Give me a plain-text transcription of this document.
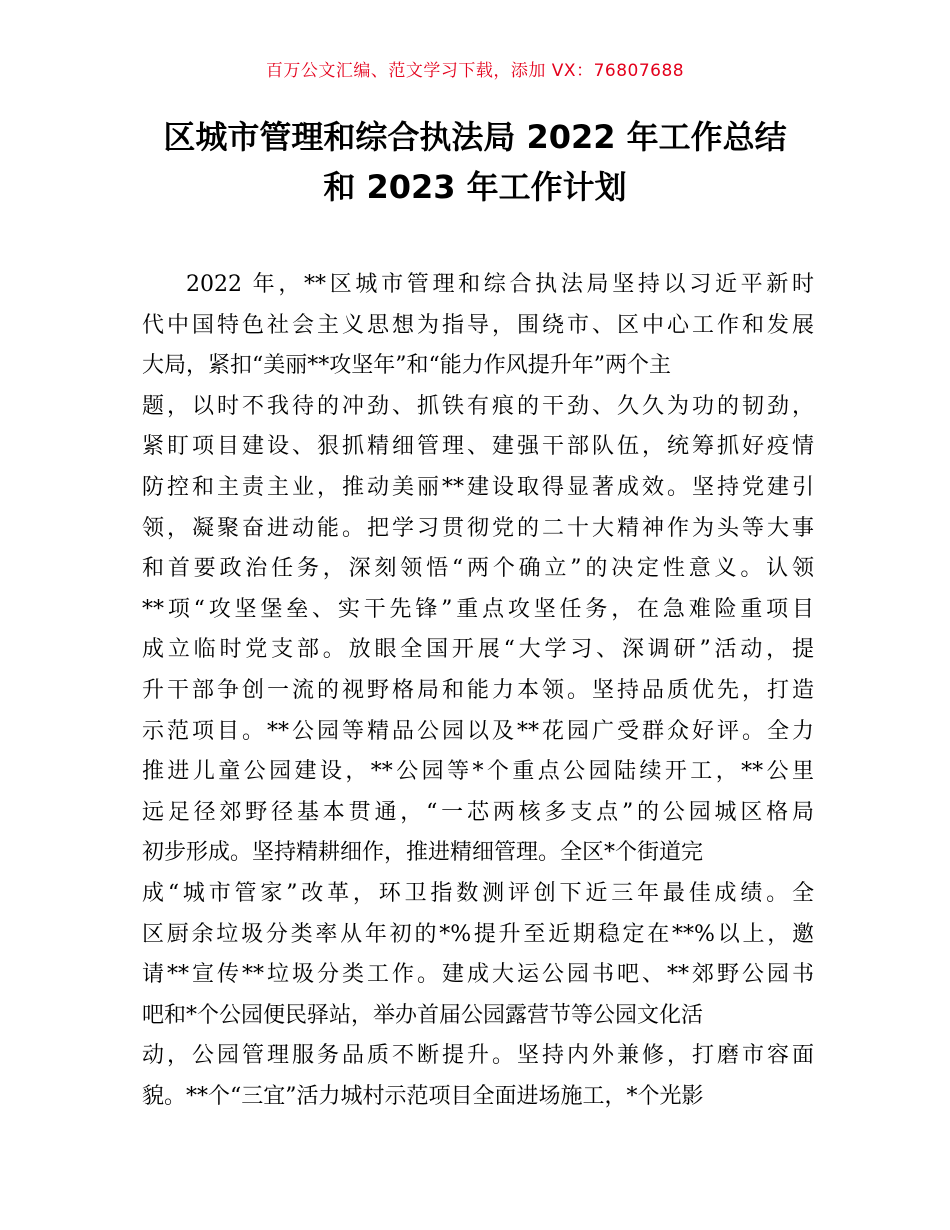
百万公文汇编、范文学习下载，添加 VX：76807688
区城市管理和综合执法局 2022 年工作总结
和 2023 年工作计划
2022 年，**区城市管理和综合执法局坚持以习近平新时
代中国特色社会主义思想为指导，围绕市、区中心工作和发展
大局，紧扣“美丽**攻坚年”和“能力作风提升年”两个主
题，以时不我待的冲劲、抓铁有痕的干劲、久久为功的韧劲，
紧盯项目建设、狠抓精细管理、建强干部队伍，统筹抓好疫情
防控和主责主业，推动美丽**建设取得显著成效。坚持党建引
领，凝聚奋进动能。把学习贯彻党的二十大精神作为头等大事
和首要政治任务，深刻领悟“两个确立”的决定性意义。认领
**项“攻坚堡垒、实干先锋”重点攻坚任务，在急难险重项目
成立临时党支部。放眼全国开展“大学习、深调研”活动，提
升干部争创一流的视野格局和能力本领。坚持品质优先，打造
示范项目。**公园等精品公园以及**花园广受群众好评。全力
推进儿童公园建设，**公园等*个重点公园陆续开工，**公里
远足径郊野径基本贯通，“一芯两核多支点”的公园城区格局
初步形成。坚持精耕细作，推进精细管理。全区*个街道完
成“城市管家”改革，环卫指数测评创下近三年最佳成绩。全
区厨余垃圾分类率从年初的*%提升至近期稳定在**%以上，邀
请**宣传**垃圾分类工作。建成大运公园书吧、**郊野公园书
吧和*个公园便民驿站，举办首届公园露营节等公园文化活
动，公园管理服务品质不断提升。坚持内外兼修，打磨市容面
貌。**个“三宜”活力城村示范项目全面进场施工，*个光影
